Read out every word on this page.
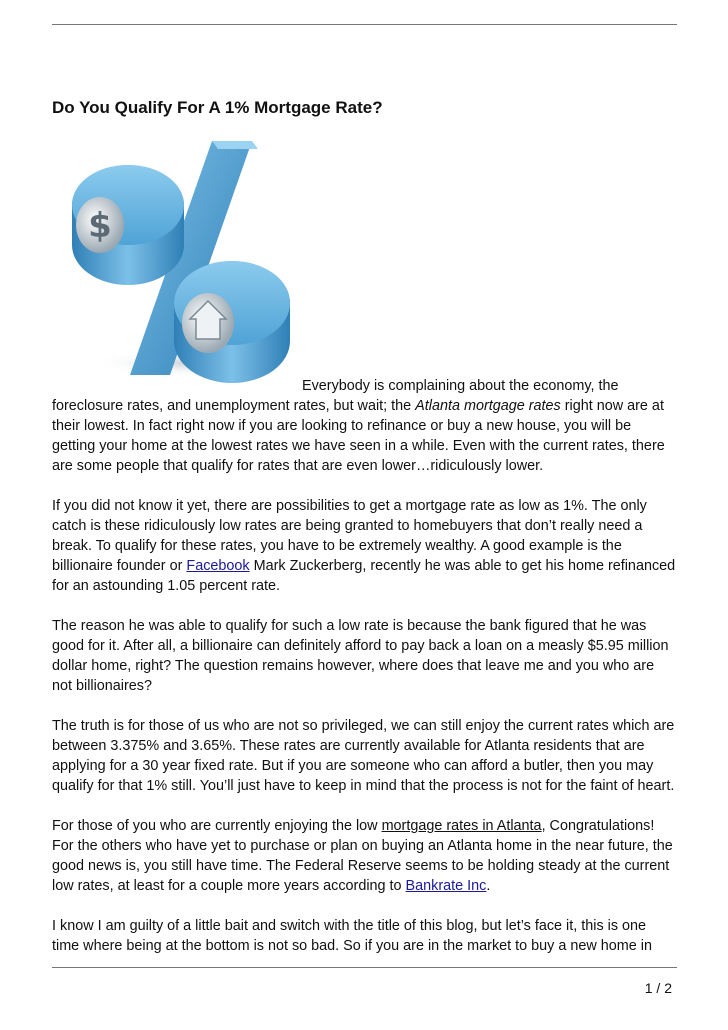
Do You Qualify For A 1% Mortgage Rate?
$

Everybody is complaining about the economy, the foreclosure rates, and unemployment rates, but wait; the Atlanta mortgage rates right now are at their lowest. In fact right now if you are looking to refinance or buy a new house, you will be getting your home at the lowest rates we have seen in a while. Even with the current rates, there are some people that qualify for rates that are even lower…ridiculously lower.

If you did not know it yet, there are possibilities to get a mortgage rate as low as 1%. The only catch is these ridiculously low rates are being granted to homebuyers that don’t really need a break. To qualify for these rates, you have to be extremely wealthy. A good example is the billionaire founder or Facebook Mark Zuckerberg, recently he was able to get his home refinanced for an astounding 1.05 percent rate.

The reason he was able to qualify for such a low rate is because the bank figured that he was good for it. After all, a billionaire can definitely afford to pay back a loan on a measly $5.95 million dollar home, right? The question remains however, where does that leave me and you who are not billionaires?

The truth is for those of us who are not so privileged, we can still enjoy the current rates which are between 3.375% and 3.65%. These rates are currently available for Atlanta residents that are applying for a 30 year fixed rate. But if you are someone who can afford a butler, then you may qualify for that 1% still. You’ll just have to keep in mind that the process is not for the faint of heart.

For those of you who are currently enjoying the low mortgage rates in Atlanta, Congratulations! For the others who have yet to purchase or plan on buying an Atlanta home in the near future, the good news is, you still have time. The Federal Reserve seems to be holding steady at the current low rates, at least for a couple more years according to Bankrate Inc.

I know I am guilty of a little bait and switch with the title of this blog, but let’s face it, this is one time where being at the bottom is not so bad. So if you are in the market to buy a new home in

1 / 2
